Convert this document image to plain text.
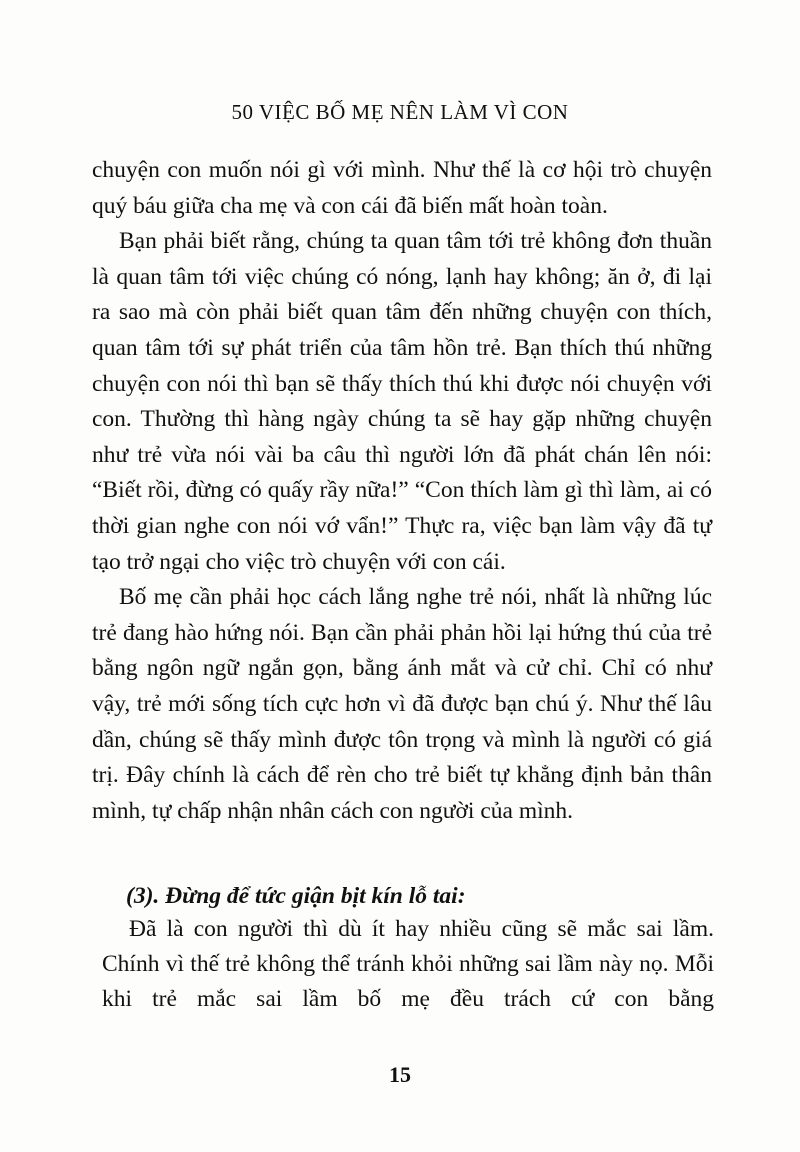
50 VIỆC BỐ MẸ NÊN LÀM VÌ CON

chuyện con muốn nói gì với mình. Như thế là cơ hội trò chuyện quý báu giữa cha mẹ và con cái đã biến mất hoàn toàn.

Bạn phải biết rằng, chúng ta quan tâm tới trẻ không đơn thuần là quan tâm tới việc chúng có nóng, lạnh hay không; ăn ở, đi lại ra sao mà còn phải biết quan tâm đến những chuyện con thích, quan tâm tới sự phát triển của tâm hồn trẻ. Bạn thích thú những chuyện con nói thì bạn sẽ thấy thích thú khi được nói chuyện với con. Thường thì hàng ngày chúng ta sẽ hay gặp những chuyện như trẻ vừa nói vài ba câu thì người lớn đã phát chán lên nói: “Biết rồi, đừng có quấy rầy nữa!” “Con thích làm gì thì làm, ai có thời gian nghe con nói vớ vẩn!” Thực ra, việc bạn làm vậy đã tự tạo trở ngại cho việc trò chuyện với con cái.

Bố mẹ cần phải học cách lắng nghe trẻ nói, nhất là những lúc trẻ đang hào hứng nói. Bạn cần phải phản hồi lại hứng thú của trẻ bằng ngôn ngữ ngắn gọn, bằng ánh mắt và cử chỉ. Chỉ có như vậy, trẻ mới sống tích cực hơn vì đã được bạn chú ý. Như thế lâu dần, chúng sẽ thấy mình được tôn trọng và mình là người có giá trị. Đây chính là cách để rèn cho trẻ biết tự khẳng định bản thân mình, tự chấp nhận nhân cách con người của mình.

(3). Đừng để tức giận bịt kín lỗ tai:

Đã là con người thì dù ít hay nhiều cũng sẽ mắc sai lầm. Chính vì thế trẻ không thể tránh khỏi những sai lầm này nọ. Mỗi khi trẻ mắc sai lầm bố mẹ đều trách cứ con bằng

15
